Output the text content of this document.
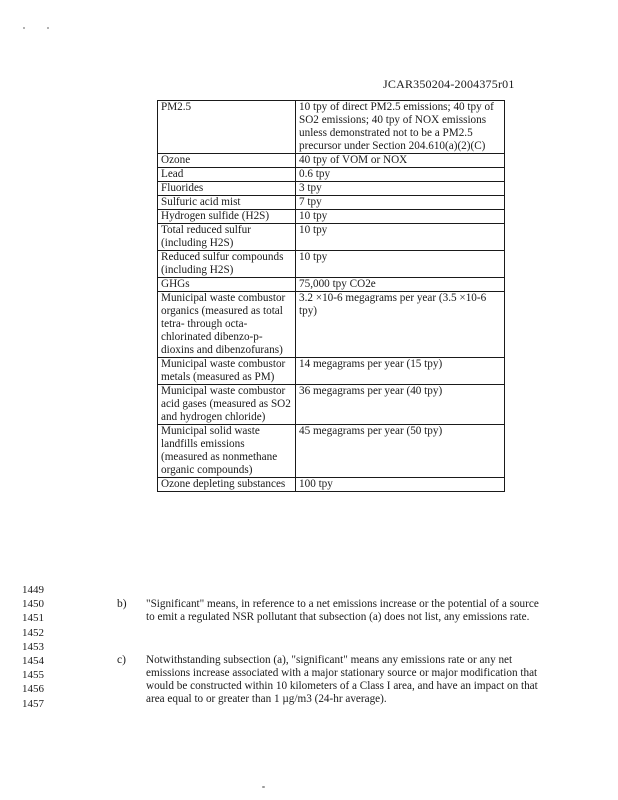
JCAR350204-2004375r01
PM2.5	10 tpy of direct PM2.5 emissions; 40 tpy of SO2 emissions; 40 tpy of NOX emissions unless demonstrated not to be a PM2.5 precursor under Section 204.610(a)(2)(C)
Ozone	40 tpy of VOM or NOX
Lead	0.6 tpy
Fluorides	3 tpy
Sulfuric acid mist	7 tpy
Hydrogen sulfide (H2S)	10 tpy
Total reduced sulfur (including H2S)	10 tpy
Reduced sulfur compounds (including H2S)	10 tpy
GHGs	75,000 tpy CO2e
Municipal waste combustor organics (measured as total tetra- through octa-chlorinated dibenzo-p-dioxins and dibenzofurans)	3.2 ×10-6 megagrams per year (3.5 ×10-6 tpy)
Municipal waste combustor metals (measured as PM)	14 megagrams per year (15 tpy)
Municipal waste combustor acid gases (measured as SO2 and hydrogen chloride)	36 megagrams per year (40 tpy)
Municipal solid waste landfills emissions (measured as nonmethane organic compounds)	45 megagrams per year (50 tpy)
Ozone depleting substances	100 tpy
1449
1450
1451
1452
1453
1454
1455
1456
1457
b) "Significant" means, in reference to a net emissions increase or the potential of a source to emit a regulated NSR pollutant that subsection (a) does not list, any emissions rate.
c) Notwithstanding subsection (a), "significant" means any emissions rate or any net emissions increase associated with a major stationary source or major modification that would be constructed within 10 kilometers of a Class I area, and have an impact on that area equal to or greater than 1 µg/m3 (24-hr average).
